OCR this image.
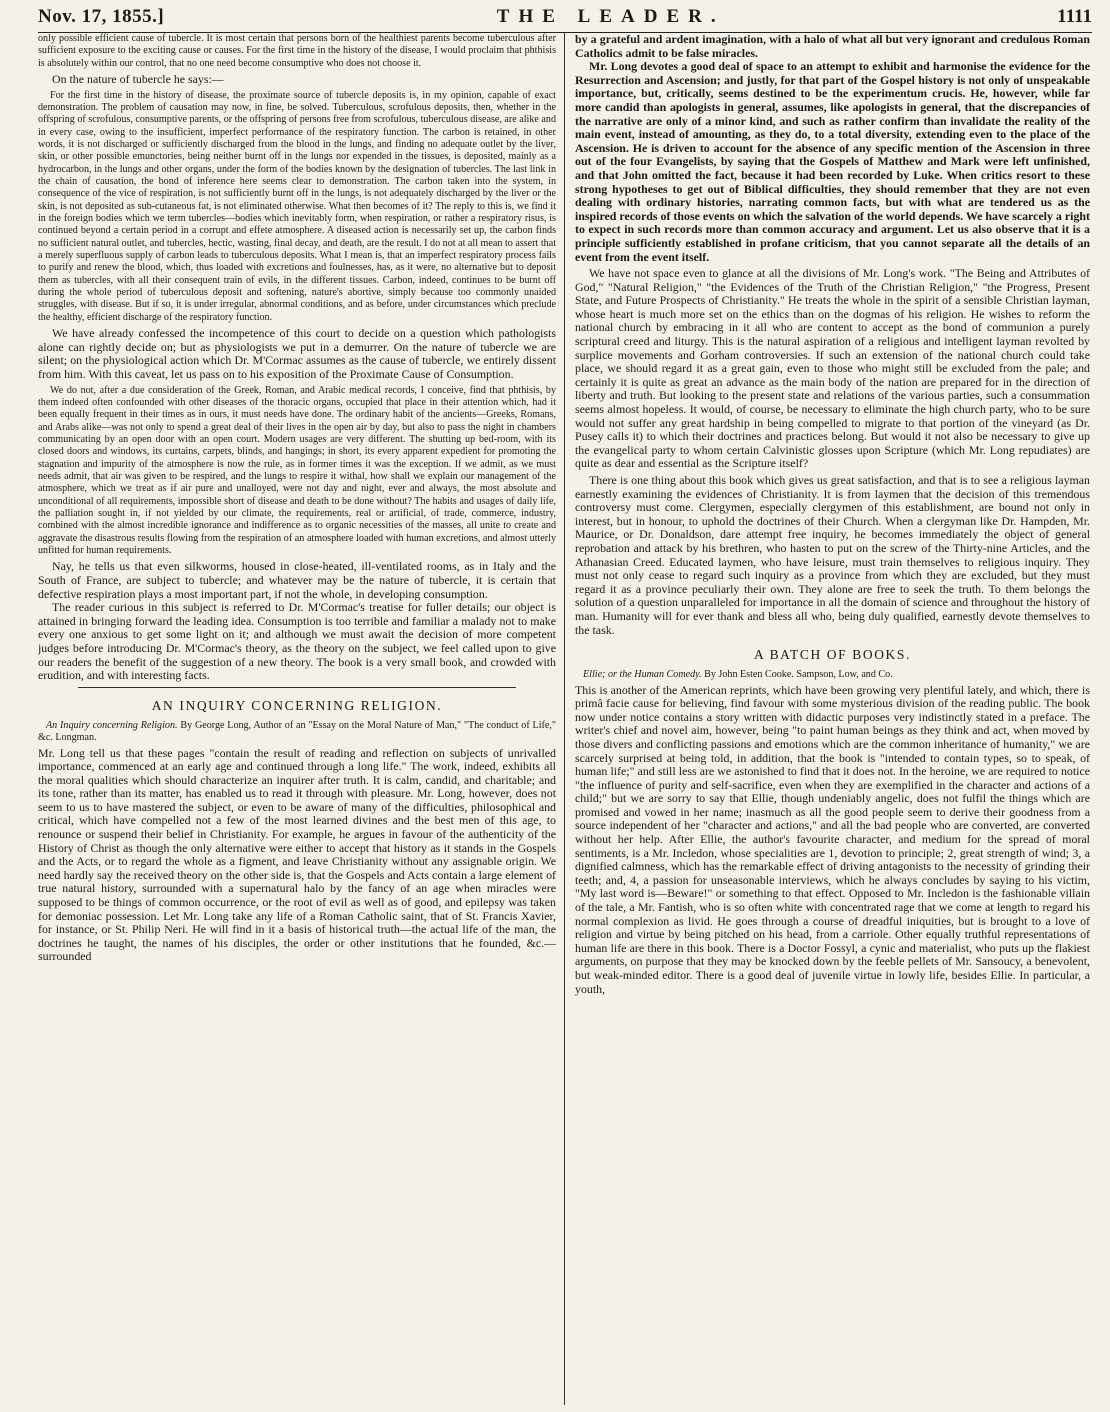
Nov. 17, 1855.]	THE LEADER.	1111

only possible efficient cause of tubercle. It is most certain that persons born of the healthiest parents become tuberculous after sufficient exposure to the exciting cause or causes. For the first time in the history of the disease, I would proclaim that phthisis is absolutely within our control, that no one need become consumptive who does not choose it.

On the nature of tubercle he says:—

For the first time in the history of disease, the proximate source of tubercle deposits is, in my opinion, capable of exact demonstration. The problem of causation may now, in fine, be solved. Tuberculous, scrofulous deposits, then, whether in the offspring of scrofulous, consumptive parents, or the offspring of persons free from scrofulous, tuberculous disease, are alike and in every case, owing to the insufficient, imperfect performance of the respiratory function. The carbon is retained, in other words, it is not discharged or sufficiently discharged from the blood in the lungs, and finding no adequate outlet by the liver, skin, or other possible emunctories, being neither burnt off in the lungs nor expended in the tissues, is deposited, mainly as a hydrocarbon, in the lungs and other organs, under the form of the bodies known by the designation of tubercles. The last link in the chain of causation, the bond of inference here seems clear to demonstration. The carbon taken into the system, in consequence of the vice of respiration, is not sufficiently burnt off in the lungs, is not adequately discharged by the liver or the skin, is not deposited as sub-cutaneous fat, is not eliminated otherwise. What then becomes of it? The reply to this is, we find it in the foreign bodies which we term tubercles—bodies which inevitably form, when respiration, or rather a respiratory risus, is continued beyond a certain period in a corrupt and effete atmosphere. A diseased action is necessarily set up, the carbon finds no sufficient natural outlet, and tubercles, hectic, wasting, final decay, and death, are the result. I do not at all mean to assert that a merely superfluous supply of carbon leads to tuberculous deposits. What I mean is, that an imperfect respiratory process fails to purify and renew the blood, which, thus loaded with excretions and foulnesses, has, as it were, no alternative but to deposit them as tubercles, with all their consequent train of evils, in the different tissues. Carbon, indeed, continues to be burnt off during the whole period of tuberculous deposit and softening, nature's abortive, simply because too commonly unaided struggles, with disease. But if so, it is under irregular, abnormal conditions, and as before, under circumstances which preclude the healthy, efficient discharge of the respiratory function.

We have already confessed the incompetence of this court to decide on a question which pathologists alone can rightly decide on; but as physiologists we put in a demurrer. On the nature of tubercle we are silent; on the physiological action which Dr. M'Cormac assumes as the cause of tubercle, we entirely dissent from him. With this caveat, let us pass on to his exposition of the Proximate Cause of Consumption.

We do not, after a due consideration of the Greek, Roman, and Arabic medical records, I conceive, find that phthisis, by them indeed often confounded with other diseases of the thoracic organs, occupied that place in their attention which, had it been equally frequent in their times as in ours, it must needs have done. The ordinary habit of the ancients—Greeks, Romans, and Arabs alike—was not only to spend a great deal of their lives in the open air by day, but also to pass the night in chambers communicating by an open door with an open court. Modern usages are very different. The shutting up bed-room, with its closed doors and windows, its curtains, carpets, blinds, and hangings; in short, its every apparent expedient for promoting the stagnation and impurity of the atmosphere is now the rule, as in former times it was the exception. If we admit, as we must needs admit, that air was given to be respired, and the lungs to respire it withal, how shall we explain our management of the atmosphere, which we treat as if air pure and unalloyed, were not day and night, ever and always, the most absolute and unconditional of all requirements, impossible short of disease and death to be done without? The habits and usages of daily life, the palliation sought in, if not yielded by our climate, the requirements, real or artificial, of trade, commerce, industry, combined with the almost incredible ignorance and indifference as to organic necessities of the masses, all unite to create and aggravate the disastrous results flowing from the respiration of an atmosphere loaded with human excretions, and almost utterly unfitted for human requirements.

Nay, he tells us that even silkworms, housed in close-heated, ill-ventilated rooms, as in Italy and the South of France, are subject to tubercle; and whatever may be the nature of tubercle, it is certain that defective respiration plays a most important part, if not the whole, in developing consumption.

The reader curious in this subject is referred to Dr. M'Cormac's treatise for fuller details; our object is attained in bringing forward the leading idea. Consumption is too terrible and familiar a malady not to make every one anxious to get some light on it; and although we must await the decision of more competent judges before introducing Dr. M'Cormac's theory, as the theory on the subject, we feel called upon to give our readers the benefit of the suggestion of a new theory. The book is a very small book, and crowded with erudition, and with interesting facts.

AN INQUIRY CONCERNING RELIGION.

An Inquiry concerning Religion. By George Long, Author of an "Essay on the Moral Nature of Man," "The conduct of Life," &c. Longman.

Mr. Long tell us that these pages "contain the result of reading and reflection on subjects of unrivalled importance, commenced at an early age and continued through a long life." The work, indeed, exhibits all the moral qualities which should characterize an inquirer after truth. It is calm, candid, and charitable; and its tone, rather than its matter, has enabled us to read it through with pleasure. Mr. Long, however, does not seem to us to have mastered the subject, or even to be aware of many of the difficulties, philosophical and critical, which have compelled not a few of the most learned divines and the best men of this age, to renounce or suspend their belief in Christianity. For example, he argues in favour of the authenticity of the History of Christ as though the only alternative were either to accept that history as it stands in the Gospels and the Acts, or to regard the whole as a figment, and leave Christianity without any assignable origin. We need hardly say the received theory on the other side is, that the Gospels and Acts contain a large element of true natural history, surrounded with a supernatural halo by the fancy of an age when miracles were supposed to be things of common occurrence, or the root of evil as well as of good, and epilepsy was taken for demoniac possession. Let Mr. Long take any life of a Roman Catholic saint, that of St. Francis Xavier, for instance, or St. Philip Neri. He will find in it a basis of historical truth—the actual life of the man, the doctrines he taught, the names of his disciples, the order or other institutions that he founded, &c.—surrounded

by a grateful and ardent imagination, with a halo of what all but very ignorant and credulous Roman Catholics admit to be false miracles.

Mr. Long devotes a good deal of space to an attempt to exhibit and harmonise the evidence for the Resurrection and Ascension; and justly, for that part of the Gospel history is not only of unspeakable importance, but, critically, seems destined to be the experimentum crucis. He, however, while far more candid than apologists in general, assumes, like apologists in general, that the discrepancies of the narrative are only of a minor kind, and such as rather confirm than invalidate the reality of the main event, instead of amounting, as they do, to a total diversity, extending even to the place of the Ascension. He is driven to account for the absence of any specific mention of the Ascension in three out of the four Evangelists, by saying that the Gospels of Matthew and Mark were left unfinished, and that John omitted the fact, because it had been recorded by Luke. When critics resort to these strong hypotheses to get out of Biblical difficulties, they should remember that they are not even dealing with ordinary histories, narrating common facts, but with what are tendered us as the inspired records of those events on which the salvation of the world depends. We have scarcely a right to expect in such records more than common accuracy and argument. Let us also observe that it is a principle sufficiently established in profane criticism, that you cannot separate all the details of an event from the event itself.

We have not space even to glance at all the divisions of Mr. Long's work. "The Being and Attributes of God," "Natural Religion," "the Evidences of the Truth of the Christian Religion," "the Progress, Present State, and Future Prospects of Christianity." He treats the whole in the spirit of a sensible Christian layman, whose heart is much more set on the ethics than on the dogmas of his religion. He wishes to reform the national church by embracing in it all who are content to accept as the bond of communion a purely scriptural creed and liturgy. This is the natural aspiration of a religious and intelligent layman revolted by surplice movements and Gorham controversies. If such an extension of the national church could take place, we should regard it as a great gain, even to those who might still be excluded from the pale; and certainly it is quite as great an advance as the main body of the nation are prepared for in the direction of liberty and truth. But looking to the present state and relations of the various parties, such a consummation seems almost hopeless. It would, of course, be necessary to eliminate the high church party, who to be sure would not suffer any great hardship in being compelled to migrate to that portion of the vineyard (as Dr. Pusey calls it) to which their doctrines and practices belong. But would it not also be necessary to give up the evangelical party to whom certain Calvinistic glosses upon Scripture (which Mr. Long repudiates) are quite as dear and essential as the Scripture itself?

There is one thing about this book which gives us great satisfaction, and that is to see a religious layman earnestly examining the evidences of Christianity. It is from laymen that the decision of this tremendous controversy must come. Clergymen, especially clergymen of this establishment, are bound not only in interest, but in honour, to uphold the doctrines of their Church. When a clergyman like Dr. Hampden, Mr. Maurice, or Dr. Donaldson, dare attempt free inquiry, he becomes immediately the object of general reprobation and attack by his brethren, who hasten to put on the screw of the Thirty-nine Articles, and the Athanasian Creed. Educated laymen, who have leisure, must train themselves to religious inquiry. They must not only cease to regard such inquiry as a province from which they are excluded, but they must regard it as a province peculiarly their own. They alone are free to seek the truth. To them belongs the solution of a question unparalleled for importance in all the domain of science and throughout the history of man. Humanity will for ever thank and bless all who, being duly qualified, earnestly devote themselves to the task.

A BATCH OF BOOKS.

Ellie; or the Human Comedy. By John Esten Cooke. Sampson, Low, and Co.

This is another of the American reprints, which have been growing very plentiful lately, and which, there is primâ facie cause for believing, find favour with some mysterious division of the reading public. The book now under notice contains a story written with didactic purposes very indistinctly stated in a preface. The writer's chief and novel aim, however, being "to paint human beings as they think and act, when moved by those divers and conflicting passions and emotions which are the common inheritance of humanity," we are scarcely surprised at being told, in addition, that the book is "intended to contain types, so to speak, of human life;" and still less are we astonished to find that it does not. In the heroine, we are required to notice "the influence of purity and self-sacrifice, even when they are exemplified in the character and actions of a child;" but we are sorry to say that Ellie, though undeniably angelic, does not fulfil the things which are promised and vowed in her name; inasmuch as all the good people seem to derive their goodness from a source independent of her "character and actions," and all the bad people who are converted, are converted without her help. After Ellie, the author's favourite character, and medium for the spread of moral sentiments, is a Mr. Incledon, whose specialities are 1, devotion to principle; 2, great strength of wind; 3, a dignified calmness, which has the remarkable effect of driving antagonists to the necessity of grinding their teeth; and, 4, a passion for unseasonable interviews, which he always concludes by saying to his victim, "My last word is—Beware!" or something to that effect. Opposed to Mr. Incledon is the fashionable villain of the tale, a Mr. Fantish, who is so often white with concentrated rage that we come at length to regard his normal complexion as livid. He goes through a course of dreadful iniquities, but is brought to a love of religion and virtue by being pitched on his head, from a carriole. Other equally truthful representations of human life are there in this book. There is a Doctor Fossyl, a cynic and materialist, who puts up the flakiest arguments, on purpose that they may be knocked down by the feeble pellets of Mr. Sansoucy, a benevolent, but weak-minded editor. There is a good deal of juvenile virtue in lowly life, besides Ellie. In particular, a youth,
